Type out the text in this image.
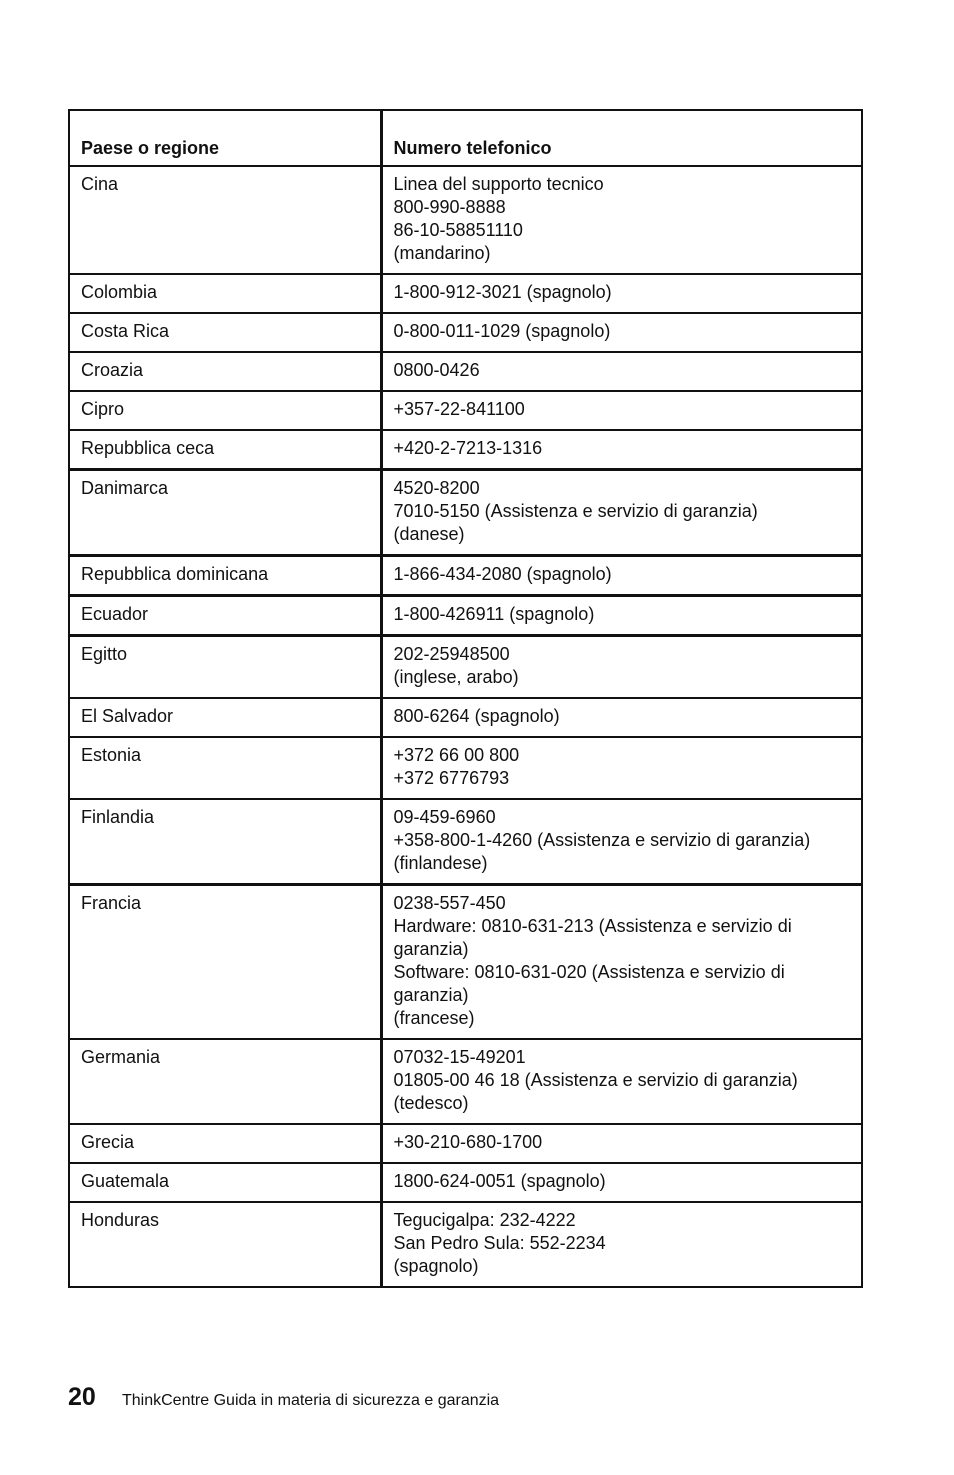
Paese o regione	Numero telefonico
Cina	Linea del supporto tecnico
800-990-8888
86-10-58851110
(mandarino)

Colombia	1-800-912-3021 (spagnolo)

Costa Rica	0-800-011-1029 (spagnolo)

Croazia	0800-0426

Cipro	+357-22-841100

Repubblica ceca	+420-2-7213-1316

Danimarca	4520-8200
7010-5150 (Assistenza e servizio di garanzia)
(danese)

Repubblica dominicana	1-866-434-2080 (spagnolo)

Ecuador	1-800-426911 (spagnolo)

Egitto	202-25948500
(inglese, arabo)

El Salvador	800-6264 (spagnolo)

Estonia	+372 66 00 800
+372 6776793

Finlandia	09-459-6960
+358-800-1-4260 (Assistenza e servizio di garanzia)
(finlandese)

Francia	0238-557-450
Hardware: 0810-631-213 (Assistenza e servizio di garanzia)
Software: 0810-631-020 (Assistenza e servizio di garanzia)
(francese)

Germania	07032-15-49201
01805-00 46 18 (Assistenza e servizio di garanzia)
(tedesco)

Grecia	+30-210-680-1700

Guatemala	1800-624-0051 (spagnolo)

Honduras	Tegucigalpa: 232-4222
San Pedro Sula: 552-2234
(spagnolo)
20	ThinkCentre Guida in materia di sicurezza e garanzia
